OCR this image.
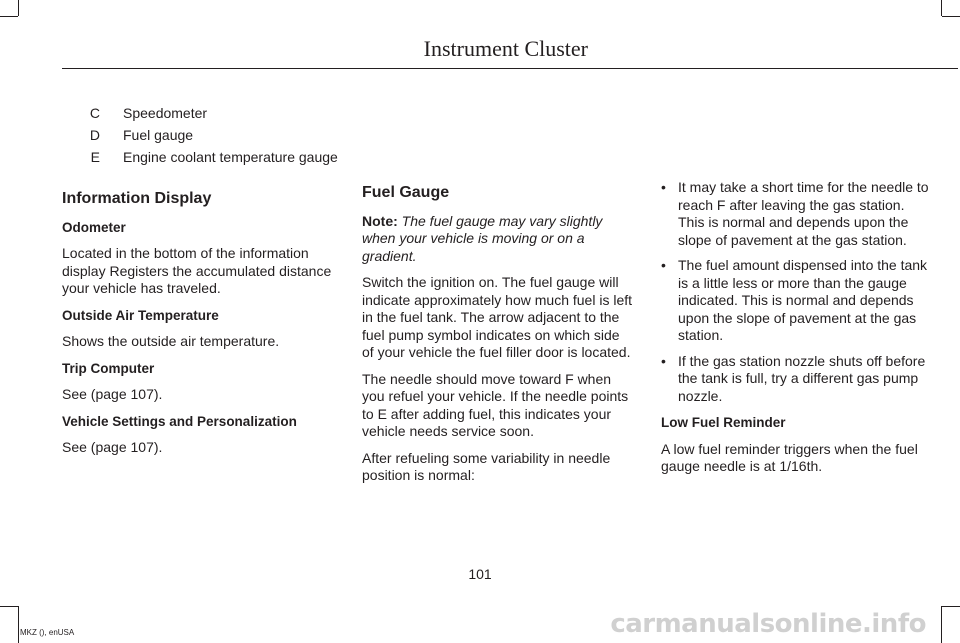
Instrument Cluster
C Speedometer
D Fuel gauge
E Engine coolant temperature gauge
Information Display
Odometer
Located in the bottom of the information display Registers the accumulated distance your vehicle has traveled.
Outside Air Temperature
Shows the outside air temperature.
Trip Computer
See (page 107).
Vehicle Settings and Personalization
See (page 107).
Fuel Gauge
Note: The fuel gauge may vary slightly when your vehicle is moving or on a gradient.
Switch the ignition on. The fuel gauge will indicate approximately how much fuel is left in the fuel tank. The arrow adjacent to the fuel pump symbol indicates on which side of your vehicle the fuel filler door is located.
The needle should move toward F when you refuel your vehicle. If the needle points to E after adding fuel, this indicates your vehicle needs service soon.
After refueling some variability in needle position is normal:
• It may take a short time for the needle to reach F after leaving the gas station. This is normal and depends upon the slope of pavement at the gas station.
• The fuel amount dispensed into the tank is a little less or more than the gauge indicated. This is normal and depends upon the slope of pavement at the gas station.
• If the gas station nozzle shuts off before the tank is full, try a different gas pump nozzle.
Low Fuel Reminder
A low fuel reminder triggers when the fuel gauge needle is at 1/16th.
101
MKZ (), enUSA	carmanualsonline.info
